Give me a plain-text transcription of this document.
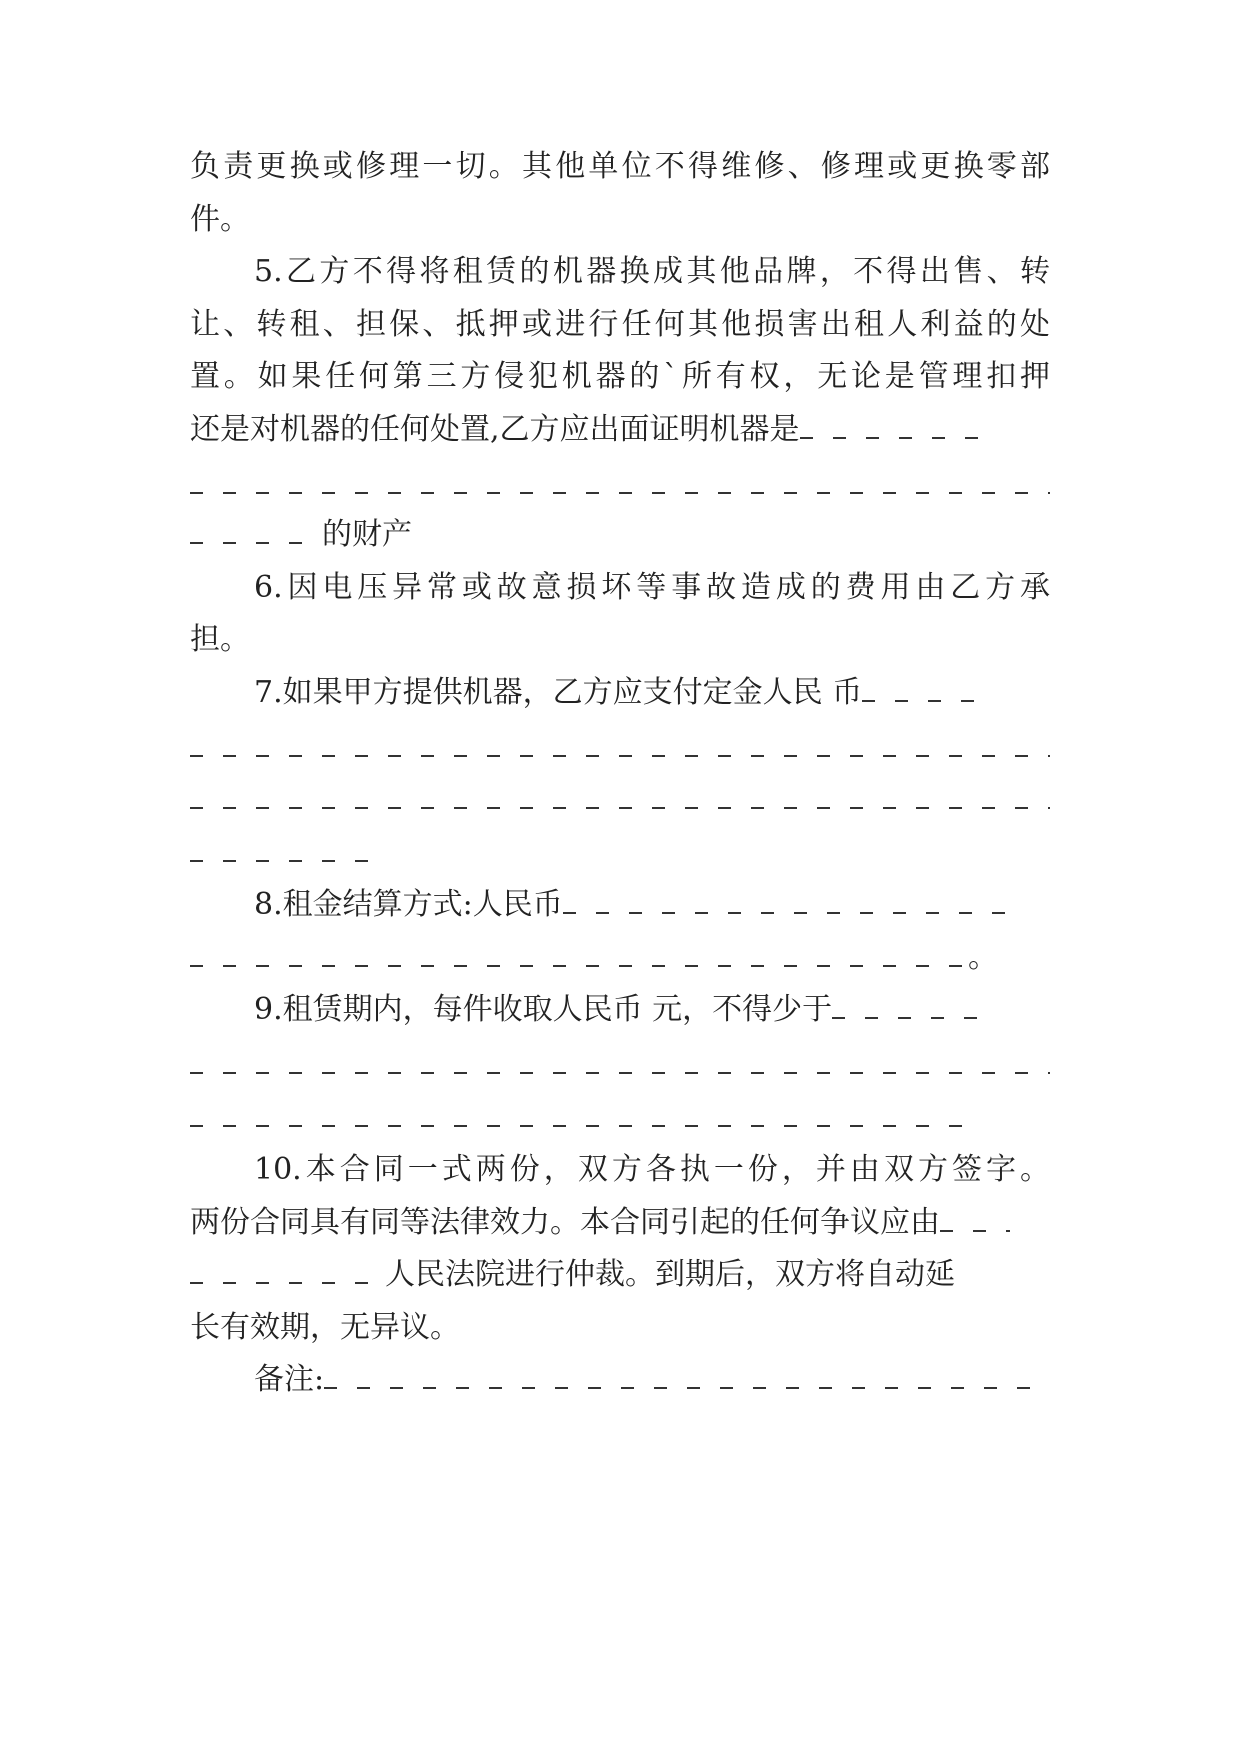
负责更换或修理一切。其他单位不得维修、修理或更换零部
件。
5.乙方不得将租赁的机器换成其他品牌，不得出售、转
让、转租、担保、抵押或进行任何其他损害出租人利益的处
置。如果任何第三方侵犯机器的`所有权，无论是管理扣押
还是对机器的任何处置,乙方应出面证明机器是
的财产
6.因电压异常或故意损坏等事故造成的费用由乙方承
担。
7.如果甲方提供机器，乙方应支付定金人民 币
8.租金结算方式:人民币
。
9.租赁期内，每件收取人民币 元，不得少于
10.本合同一式两份，双方各执一份，并由双方签字。
两份合同具有同等法律效力。本合同引起的任何争议应由
人民法院进行仲裁。到期后，双方将自动延
长有效期，无异议。
备注:
